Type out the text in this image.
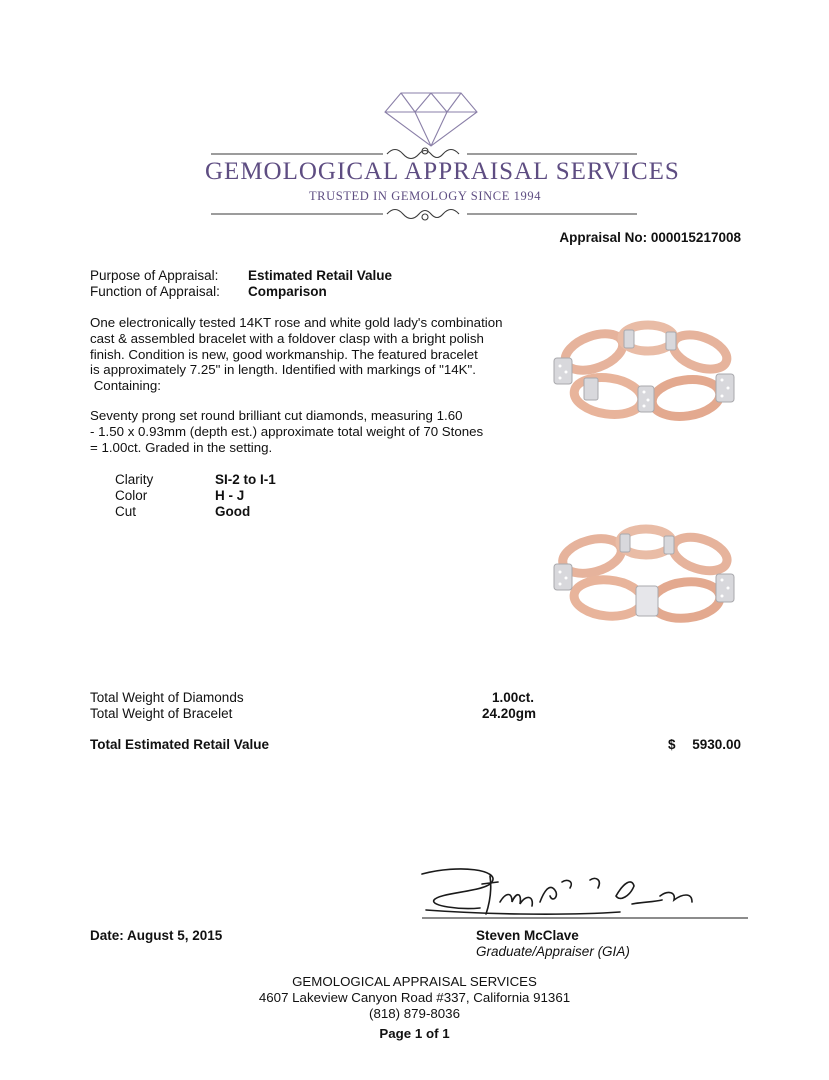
GEMOLOGICAL APPRAISAL SERVICES
TRUSTED IN GEMOLOGY SINCE 1994
Appraisal No: 000015217008
Purpose of Appraisal: Estimated Retail Value
Function of Appraisal: Comparison
One electronically tested 14KT rose and white gold lady's combination
cast & assembled bracelet with a foldover clasp with a bright polish
finish. Condition is new, good workmanship. The featured bracelet
is approximately 7.25" in length. Identified with markings of "14K".
Containing:
Seventy prong set round brilliant cut diamonds, measuring 1.60
- 1.50 x 0.93mm (depth est.) approximate total weight of 70 Stones
= 1.00ct. Graded in the setting.
Clarity	SI-2 to I-1
Color	H - J
Cut	Good
Total Weight of Diamonds	1.00ct.
Total Weight of Bracelet	24.20gm
Total Estimated Retail Value	$ 5930.00
Date: August 5, 2015	Steven McClave
Graduate/Appraiser (GIA)
GEMOLOGICAL APPRAISAL SERVICES
4607 Lakeview Canyon Road #337, California 91361
(818) 879-8036
Page 1 of 1
